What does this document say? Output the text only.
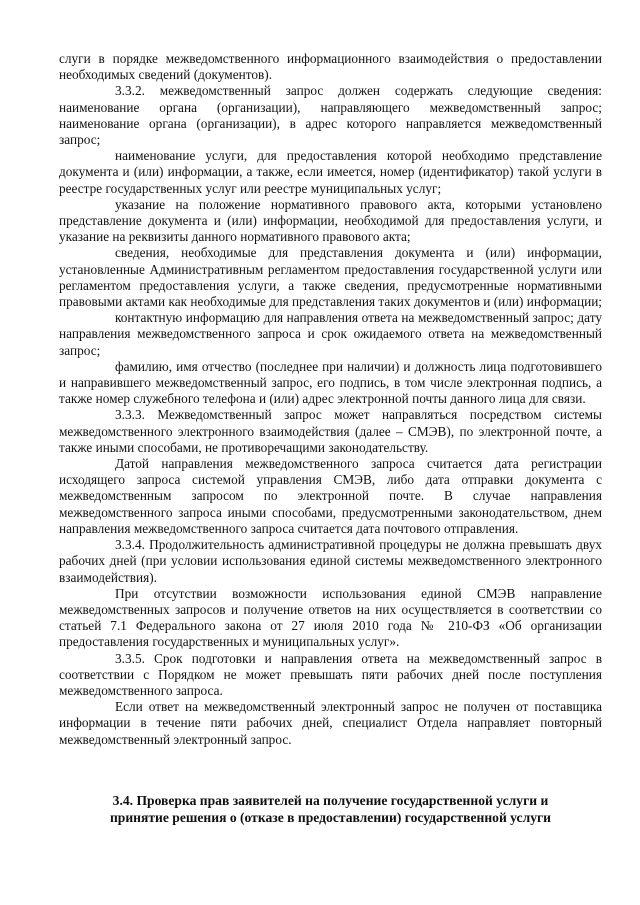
слуги в порядке межведомственного информационного взаимодействия о предоставлении необходимых сведений (документов).

3.3.2. межведомственный запрос должен содержать следующие сведения: наименование органа (организации), направляющего межведомственный запрос; наименование органа (организации), в адрес которого направляется межведомственный запрос;

наименование услуги, для предоставления которой необходимо представление документа и (или) информации, а также, если имеется, номер (идентификатор) такой услуги в реестре государственных услуг или реестре муниципальных услуг;

указание на положение нормативного правового акта, которыми установлено представление документа и (или) информации, необходимой для предоставления услуги, и указание на реквизиты данного нормативного правового акта;

сведения, необходимые для представления документа и (или) информации, установленные Административным регламентом предоставления государственной услуги или регламентом предоставления услуги, а также сведения, предусмотренные нормативными правовыми актами как необходимые для представления таких документов и (или) информации;

контактную информацию для направления ответа на межведомственный запрос; дату направления межведомственного запроса и срок ожидаемого ответа на межведомственный запрос;

фамилию, имя отчество (последнее при наличии) и должность лица подготовившего и направившего межведомственный запрос, его подпись, в том числе электронная подпись, а также номер служебного телефона и (или) адрес электронной почты данного лица для связи.

3.3.3. Межведомственный запрос может направляться посредством системы межведомственного электронного взаимодействия (далее – СМЭВ), по электронной почте, а также иными способами, не противоречащими законодательству.

Датой направления межведомственного запроса считается дата регистрации исходящего запроса системой управления СМЭВ, либо дата отправки документа с межведомственным запросом по электронной почте. В случае направления межведомственного запроса иными способами, предусмотренными законодательством, днем направления межведомственного запроса считается дата почтового отправления.

3.3.4. Продолжительность административной процедуры не должна превышать двух рабочих дней (при условии использования единой системы межведомственного электронного взаимодействия).

При отсутствии возможности использования единой СМЭВ направление межведомственных запросов и получение ответов на них осуществляется в соответствии со статьей 7.1 Федерального закона от 27 июля 2010 года № 210-ФЗ «Об организации предоставления государственных и муниципальных услуг».

3.3.5. Срок подготовки и направления ответа на межведомственный запрос в соответствии с Порядком не может превышать пяти рабочих дней после поступления межведомственного запроса.

Если ответ на межведомственный электронный запрос не получен от поставщика информации в течение пяти рабочих дней, специалист Отдела направляет повторный межведомственный электронный запрос.

3.4. Проверка прав заявителей на получение государственной услуги и
принятие решения о (отказе в предоставлении) государственной услуги
